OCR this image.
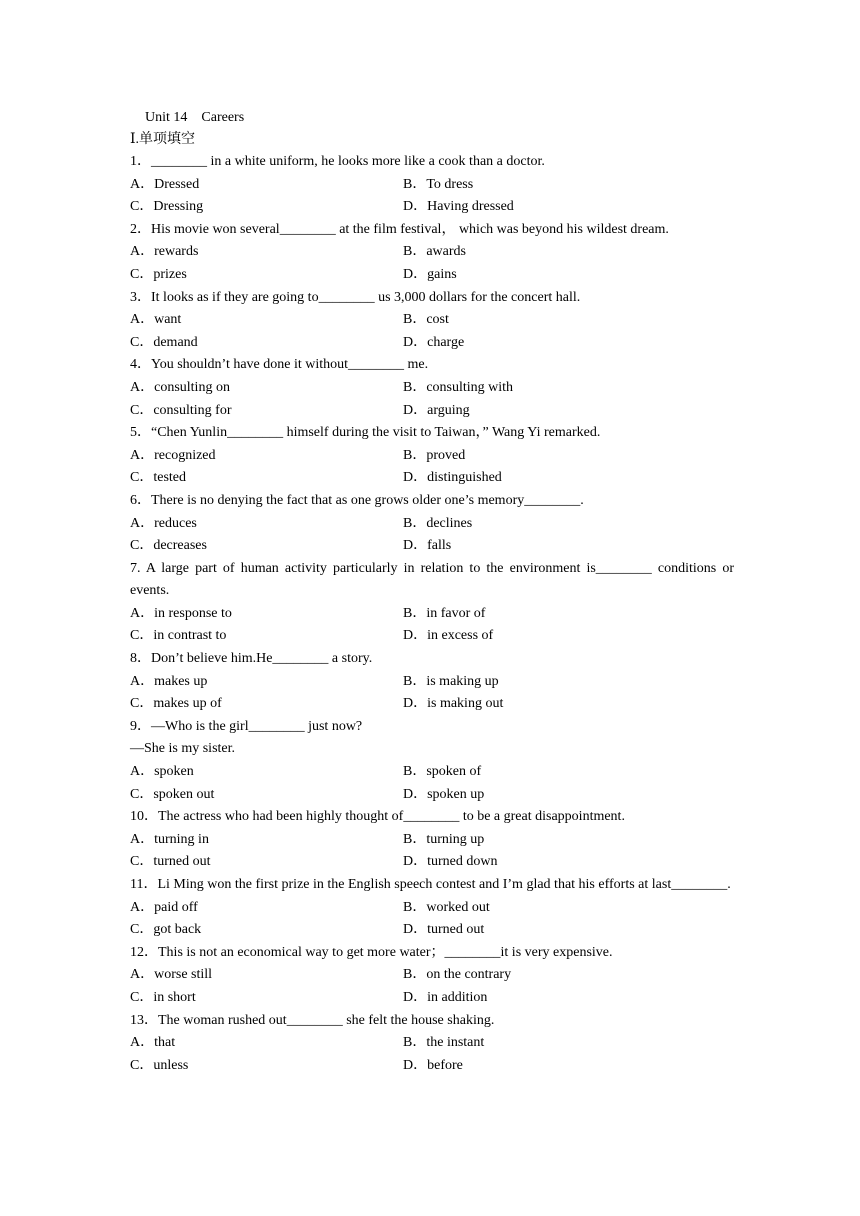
Unit 14    Careers
Ⅰ.单项填空
1．________ in a white uniform, he looks more like a cook than a doctor.
A．Dressed	B．To dress
C．Dressing	D．Having dressed
2．His movie won several________ at the film festival， which was beyond his wildest dream.
A．rewards	B．awards
C．prizes	D．gains
3．It looks as if they are going to________ us 3,000 dollars for the concert hall.
A．want	B．cost
C．demand	D．charge
4．You shouldn’t have done it without________ me.
A．consulting on	B．consulting with
C．consulting for	D．arguing
5．“Chen Yunlin________ himself during the visit to Taiwan，” Wang Yi remarked.
A．recognized	B．proved
C．tested	D．distinguished
6．There is no denying the fact that as one grows older one’s memory________.
A．reduces	B．declines
C．decreases	D．falls
7. A large part of human activity particularly in relation to the environment is________ conditions or events.
A．in response to	B．in favor of
C．in contrast to	D．in excess of
8．Don’t believe him.He________ a story.
A．makes up	B．is making up
C．makes up of	D．is making out
9．—Who is the girl________ just now?
—She is my sister.
A．spoken	B．spoken of
C．spoken out	D．spoken up
10．The actress who had been highly thought of________ to be a great disappointment.
A．turning in	B．turning up
C．turned out	D．turned down
11．Li Ming won the first prize in the English speech contest and I’m glad that his efforts at last________.
A．paid off	B．worked out
C．got back	D．turned out
12．This is not an economical way to get more water；________it is very expensive.
A．worse still	B．on the contrary
C．in short	D．in addition
13．The woman rushed out________ she felt the house shaking.
A．that	B．the instant
C．unless	D．before
